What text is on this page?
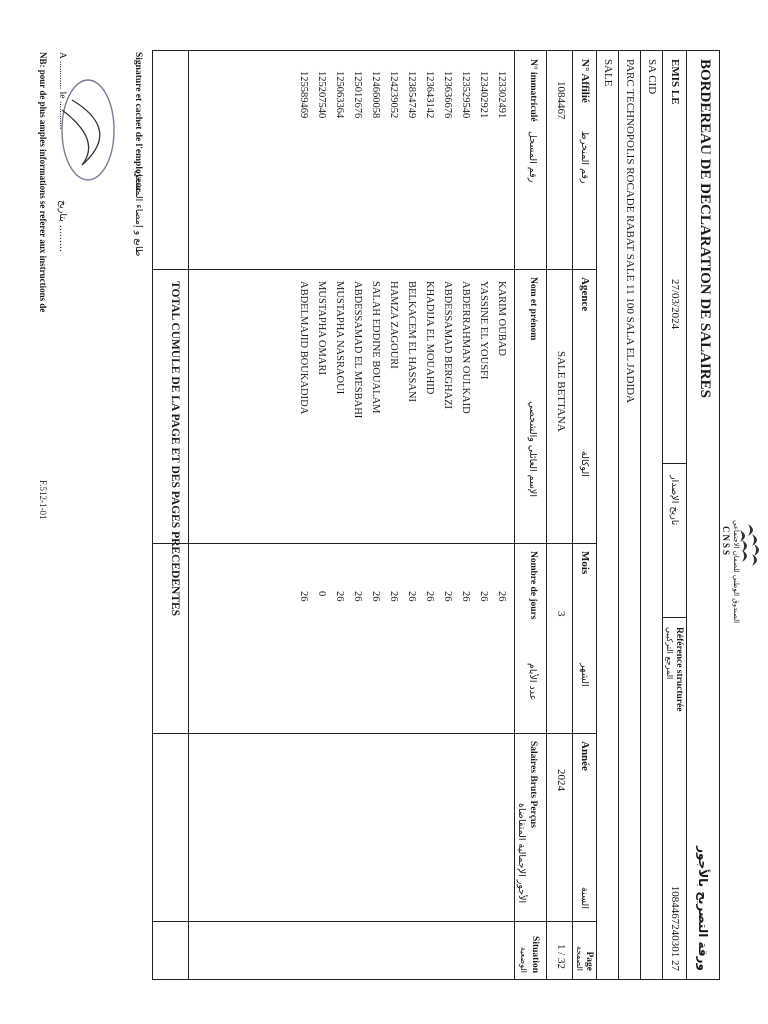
الصندوق الوطني للضمان الاجتماعي
CNSS
BORDEREAU DE DECLARATION DE SALAIRES
ورقة التصريح بالأجور
EMIS LE
27/03/2024
تاريخ الإصدار
Référence structurée
المرجع التركيبي
1084467240301 27
SA CID
PARC TECHNOPOLIS ROCADE RABAT SALE 11 100 SALA EL JADIDA
SALE
N° Affilié
رقم المنخرط
Agence
الوكالة
Mois
الشهر
Année
السنة
Page
الصفحة
1084467
SALE BETTANA
3
2024
1 / 32
N° immatriculé
رقم المسجل
Nom et prénom
الإسم العائلي والشخصي
Nombre de jours
عدد الأيام
Salaires Bruts Perçus
الأجور الإجمالية المتقاضاة
Situation
الوضعية
123302491
KARIM OUBAD
26
123402921
YASSINE EL YOUSFI
26
123529540
ABDERRAHMAN OULKAID
26
123636676
ABDESSAMAD BERGHAZI
26
123643142
KHADIJA EL MOUAHID
26
123854749
BELKACEM EL HASSANI
26
124239052
HAMZA ZAGOURI
26
124660058
SALAH EDDINE BOUALAM
26
125012676
ABDESSAMAD EL MESBAHI
26
125063364
MUSTAPHA NASRAOUI
26
125207540
MUSTAPHA OMARI
0
125589469
ABDELMAJID BOUKADIDA
26
TOTAL CUMULE DE LA PAGE ET DES PAGES PRECEDENTES
Signature et cachet de l'employeur
طابع و إمضاء المشغل
A ............ le ............
بتاريخ .........
NB: pour de plus amples informations se referer aux instructions de
F.512-1-01
